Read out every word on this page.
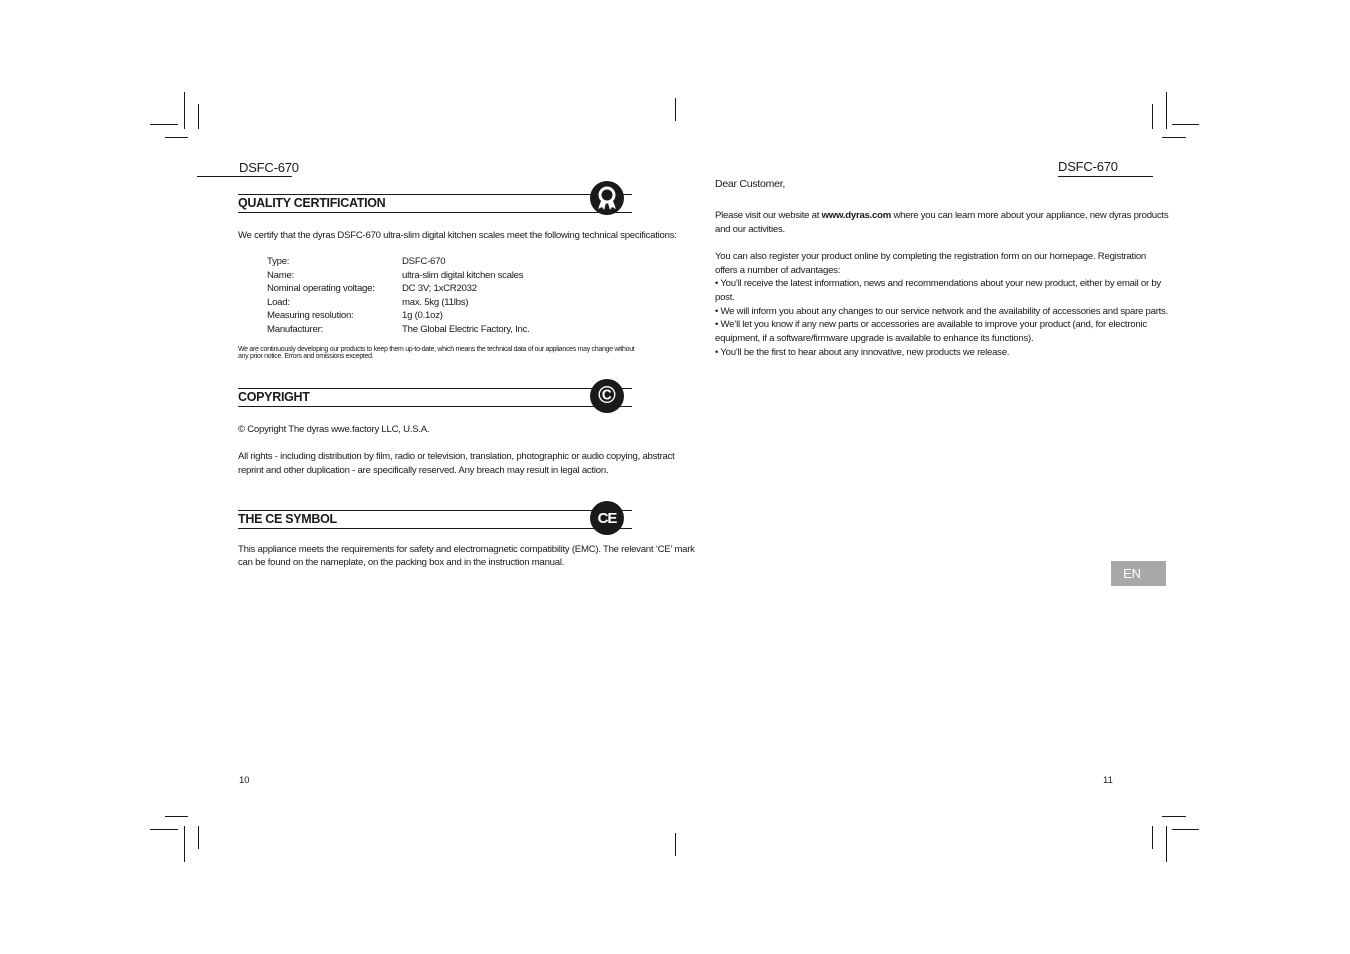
DSFC-670
QUALITY CERTIFICATION
We certify that the dyras DSFC-670 ultra-slim digital kitchen scales meet the following technical specifications:
Type:	DSFC-670
Name:	ultra-slim digital kitchen scales
Nominal operating voltage:	DC 3V; 1xCR2032
Load:	max. 5kg (11lbs)
Measuring resolution:	1g (0.1oz)
Manufacturer:	The Global Electric Factory, Inc.
We are continuously developing our products to keep them up-to-date, which means the technical data of our appliances may change without
any prior notice. Errors and omissions excepted.
COPYRIGHT	©
© Copyright The dyras wwe.factory LLC, U.S.A.
All rights - including distribution by film, radio or television, translation, photographic or audio copying, abstract
reprint and other duplication - are specifically reserved. Any breach may result in legal action.
THE CE SYMBOL	CE
This appliance meets the requirements for safety and electromagnetic compatibility (EMC). The relevant ‘CE’ mark
can be found on the nameplate, on the packing box and in the instruction manual.
10
DSFC-670
Dear Customer,
Please visit our website at www.dyras.com where you can learn more about your appliance, new dyras products
and our activities.
You can also register your product online by completing the registration form on our homepage. Registration
offers a number of advantages:
• You’ll receive the latest information, news and recommendations about your new product, either by email or by
post.
• We will inform you about any changes to our service network and the availability of accessories and spare parts.
• We’ll let you know if any new parts or accessories are available to improve your product (and, for electronic
equipment, if a software/firmware upgrade is available to enhance its functions).
• You’ll be the first to hear about any innovative, new products we release.
EN
11
